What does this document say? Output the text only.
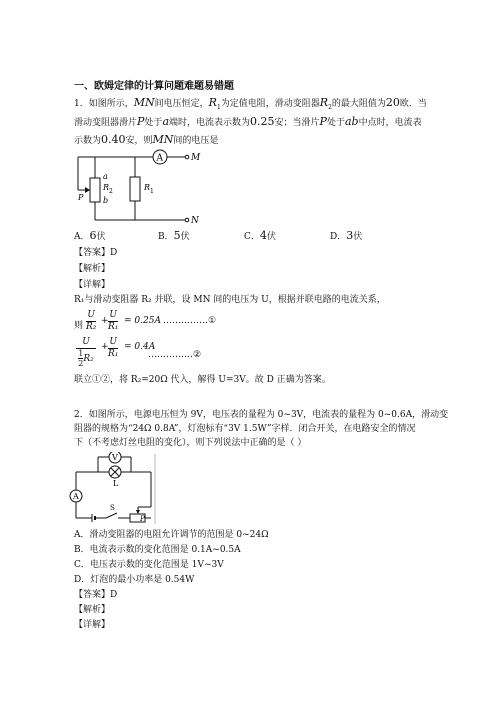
一、欧姆定律的计算问题难题易错题
1．如图所示，MN间电压恒定，$R_1$为定值电阻，滑动变阻器$R_2$的最大阻值为20欧．当
滑动变阻器滑片P处于a端时，电流表示数为0.25安；当滑片P处于ab中点时，电流表
示数为0.40安，则MN间的电压是
A	M
N
a
R 2
b
P
R 1
A．6伏	B．5伏	C．4伏	D．3伏
【答案】D
【解析】
【详解】
R₁与滑动变阻器 R₂ 并联，设 MN 间的电压为 U，根据并联电路的电流关系，
则 $\frac{U}{\text{R₂}} + \frac{U}{\text{R₁}} = 0.25A$ ……………①
$\frac{U}{\frac{1}{2} R_2} + \frac{U}{\text{R₁}} = 0.4A$
……………②
联立①②，将 R₂=20Ω 代入，解得 U=3V。故 D 正确为答案。
2．如图所示，电源电压恒为 9V，电压表的量程为 0~3V，电流表的量程为 0~0.6A，滑动变
阻器的规格为“24Ω 0.8A”，灯泡标有“3V 1.5W”字样．闭合开关，在电路安全的情况
下（不考虑灯丝电阻的变化），则下列说法中正确的是（ ）
V
L
A
S
P
A．滑动变阻器的电阻允许调节的范围是 0~24Ω
B．电流表示数的变化范围是 0.1A~0.5A
C．电压表示数的变化范围是 1V~3V
D．灯泡的最小功率是 0.54W
【答案】D
【解析】
【详解】
